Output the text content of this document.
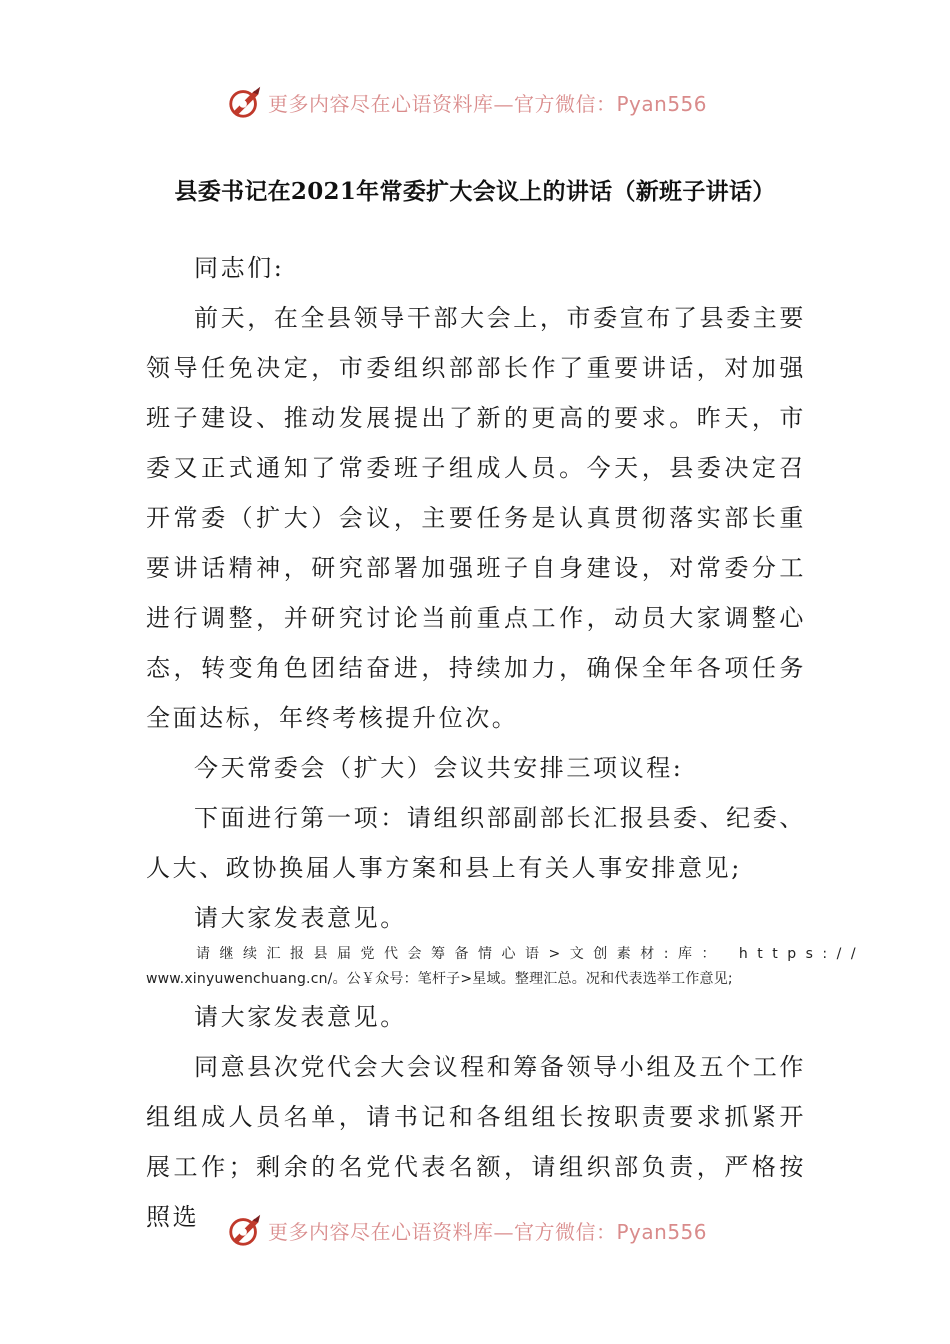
更多内容尽在心语资料库—官方微信：Pyan556
县委书记在2021年常委扩大会议上的讲话（新班子讲话）

同志们:

前天，在全县领导干部大会上，市委宣布了县委主要领导任免决定，市委组织部部长作了重要讲话，对加强班子建设、推动发展提出了新的更高的要求。昨天，市委又正式通知了常委班子组成人员。今天，县委决定召开常委（扩大）会议，主要任务是认真贯彻落实部长重要讲话精神，研究部署加强班子自身建设，对常委分工进行调整，并研究讨论当前重点工作，动员大家调整心态，转变角色团结奋进，持续加力，确保全年各项任务全面达标，年终考核提升位次。

今天常委会（扩大）会议共安排三项议程:

下面进行第一项：请组织部副部长汇报县委、纪委、人大、政协换届人事方案和县上有关人事安排意见;

请大家发表意见。

请继续汇报县届党代会筹备情心语>文创素材:库： https://
www.xinyuwenchuang.cn/。公￥众号：笔杆子>星域。整理汇总。况和代表选举工作意见;

请大家发表意见。

同意县次党代会大会议程和筹备领导小组及五个工作组组成人员名单，请书记和各组组长按职责要求抓紧开展工作；剩余的名党代表名额，请组织部负责，严格按照选

更多内容尽在心语资料库—官方微信：Pyan556
